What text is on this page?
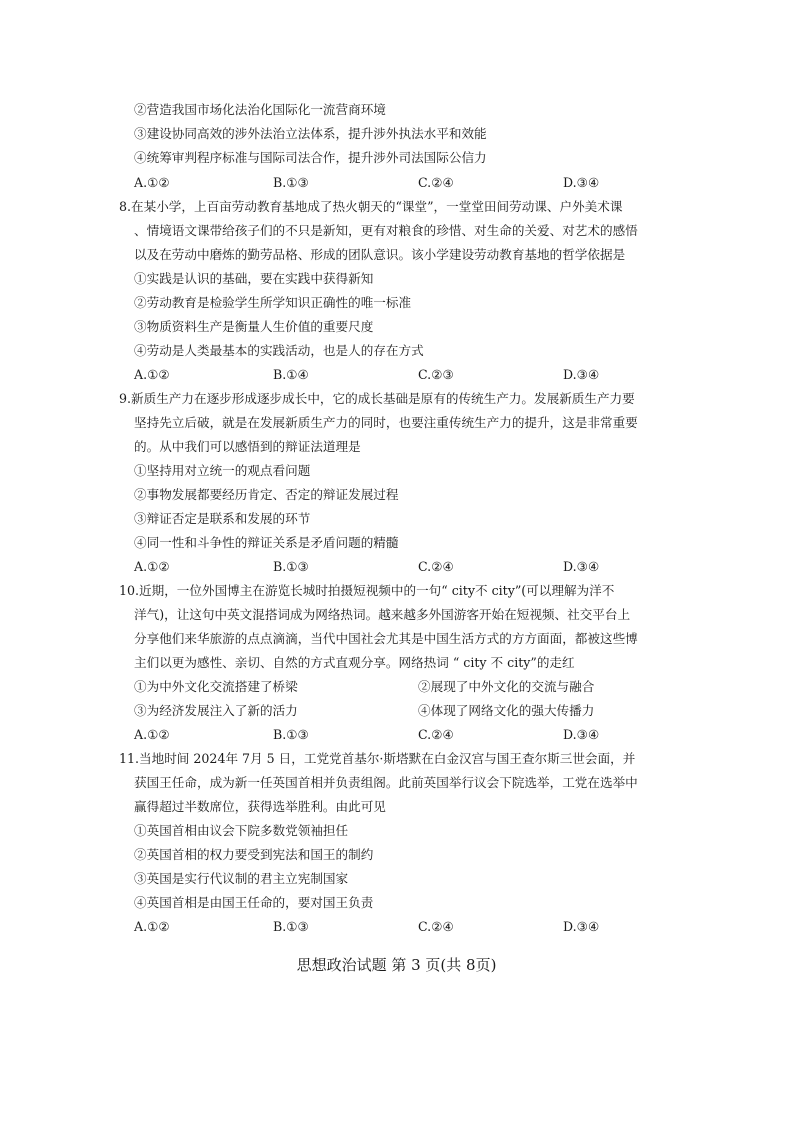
②营造我国市场化法治化国际化一流营商环境
③建设协同高效的涉外法治立法体系，提升涉外执法水平和效能
④统筹审判程序标准与国际司法合作，提升涉外司法国际公信力
A.①②	B.①③	C.②④	D.③④
8.在某小学，上百亩劳动教育基地成了热火朝天的“课堂”，一堂堂田间劳动课、户外美术课
、情境语文课带给孩子们的不只是新知，更有对粮食的珍惜、对生命的关爱、对艺术的感悟
以及在劳动中磨炼的勤劳品格、形成的团队意识。该小学建设劳动教育基地的哲学依据是
①实践是认识的基础，要在实践中获得新知
②劳动教育是检验学生所学知识正确性的唯一标准
③物质资料生产是衡量人生价值的重要尺度
④劳动是人类最基本的实践活动，也是人的存在方式
A.①②	B.①④	C.②③	D.③④
9.新质生产力在逐步形成逐步成长中，它的成长基础是原有的传统生产力。发展新质生产力要
坚持先立后破，就是在发展新质生产力的同时，也要注重传统生产力的提升，这是非常重要
的。从中我们可以感悟到的辩证法道理是
①坚持用对立统一的观点看问题
②事物发展都要经历肯定、否定的辩证发展过程
③辩证否定是联系和发展的环节
④同一性和斗争性的辩证关系是矛盾问题的精髓
A.①②	B.①③	C.②④	D.③④
10.近期，一位外国博主在游览长城时拍摄短视频中的一句“ city不 city”(可以理解为洋不
洋气)，让这句中英文混搭词成为网络热词。越来越多外国游客开始在短视频、社交平台上
分享他们来华旅游的点点滴滴，当代中国社会尤其是中国生活方式的方方面面，都被这些博
主们以更为感性、亲切、自然的方式直观分享。网络热词 “ city 不 city”的走红
①为中外文化交流搭建了桥梁	②展现了中外文化的交流与融合
③为经济发展注入了新的活力	④体现了网络文化的强大传播力
A.①②	B.①③	C.②④	D.③④
11.当地时间 2024年 7月 5 日，工党党首基尔·斯塔默在白金汉宫与国王查尔斯三世会面，并
获国王任命，成为新一任英国首相并负责组阁。此前英国举行议会下院选举，工党在选举中
赢得超过半数席位，获得选举胜利。由此可见
①英国首相由议会下院多数党领袖担任
②英国首相的权力要受到宪法和国王的制约
③英国是实行代议制的君主立宪制国家
④英国首相是由国王任命的，要对国王负责
A.①②	B.①③	C.②④	D.③④
思想政治试题 第 3 页(共 8页)
